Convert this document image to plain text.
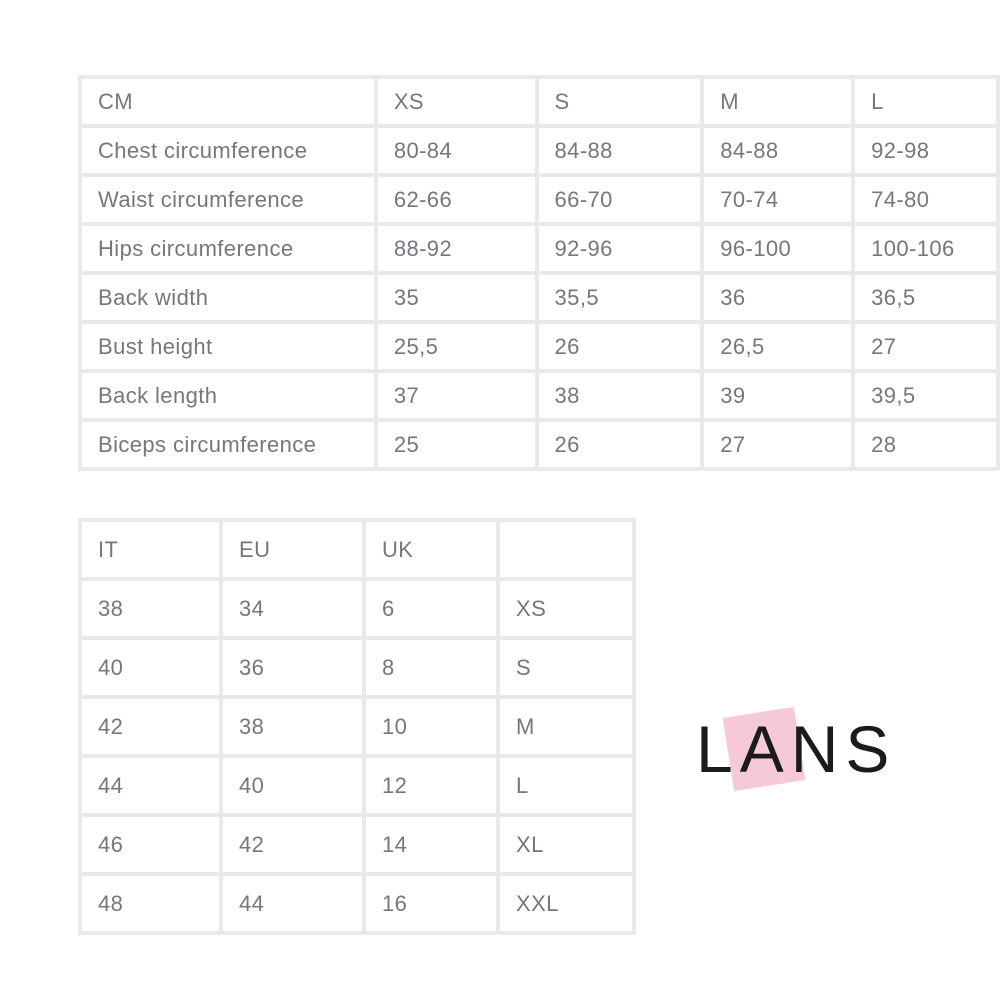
CM	XS	S	M	L
Chest circumference	80-84	84-88	84-88	92-98
Waist circumference	62-66	66-70	70-74	74-80
Hips circumference	88-92	92-96	96-100	100-106
Back width	35	35,5	36	36,5
Bust height	25,5	26	26,5	27
Back length	37	38	39	39,5
Biceps circumference	25	26	27	28
IT	EU	UK	
38	34	6	XS
40	36	8	S
42	38	10	M
44	40	12	L
46	42	14	XL
48	44	16	XXL
L A N S
